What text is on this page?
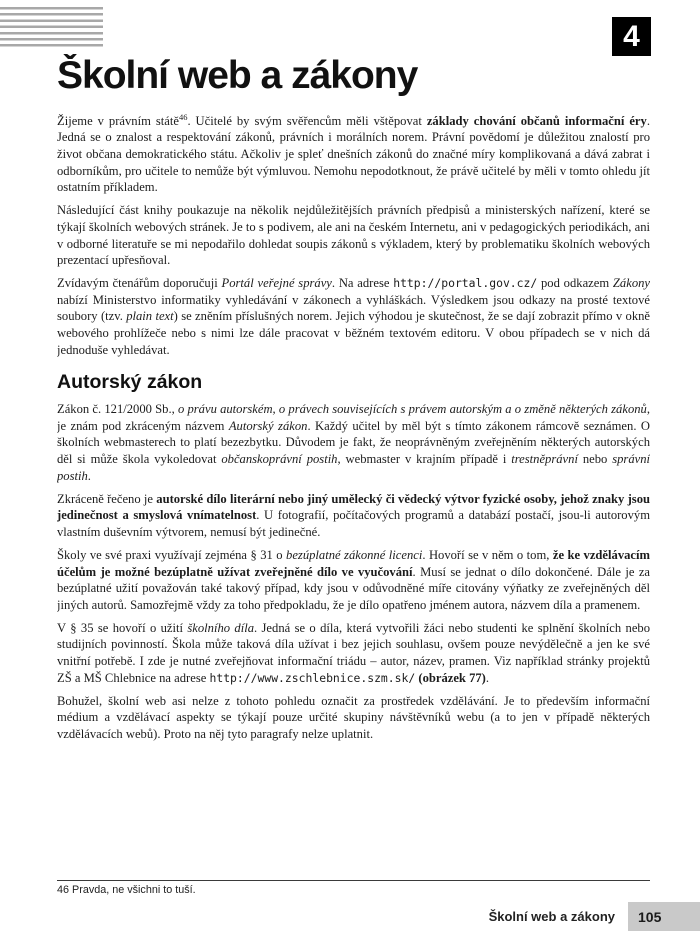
4
Školní web a zákony

Žijeme v právním státě$^{46}$. Učitelé by svým svěřencům měli vštěpovat základy chování občanů informační éry. Jedná se o znalost a respektování zákonů, právních i morálních norem. Právní povědomí je důležitou znalostí pro život občana demokratického státu. Ačkoliv je spleť dnešních zákonů do značné míry komplikovaná a dává zabrat i odborníkům, pro učitele to nemůže být výmluvou. Nemohu nepodotknout, že právě učitelé by měli v tomto ohledu jít ostatním příkladem.

Následující část knihy poukazuje na několik nejdůležitějších právních předpisů a ministerských nařízení, které se týkají školních webových stránek. Je to s podivem, ale ani na českém Internetu, ani v pedagogických periodikách, ani v odborné literatuře se mi nepodařilo dohledat soupis zákonů s výkladem, který by problematiku školních webových prezentací upřesňoval.

Zvídavým čtenářům doporučuji Portál veřejné správy. Na adrese http://portal.gov.cz/ pod odkazem Zákony nabízí Ministerstvo informatiky vyhledávání v zákonech a vyhláškách. Výsledkem jsou odkazy na prosté textové soubory (tzv. plain text) se zněním příslušných norem. Jejich výhodou je skutečnost, že se dají zobrazit přímo v okně webového prohlížeče nebo s nimi lze dále pracovat v běžném textovém editoru. V obou případech se v nich dá jednoduše vyhledávat.

Autorský zákon

Zákon č. 121/2000 Sb., o právu autorském, o právech souvisejících s právem autorským a o změně některých zákonů, je znám pod zkráceným názvem Autorský zákon. Každý učitel by měl být s tímto zákonem rámcově seznámen. O školních webmasterech to platí bezezbytku. Důvodem je fakt, že neoprávněným zveřejněním některých autorských děl si může škola vykoledovat občanskoprávní postih, webmaster v krajním případě i trestněprávní nebo správní postih.

Zkráceně řečeno je autorské dílo literární nebo jiný umělecký či vědecký výtvor fyzické osoby, jehož znaky jsou jedinečnost a smyslová vnímatelnost. U fotografií, počítačových programů a databází postačí, jsou-li autorovým vlastním duševním výtvorem, nemusí být jedinečné.

Školy ve své praxi využívají zejména § 31 o bezúplatné zákonné licenci. Hovoří se v něm o tom, že ke vzdělávacím účelům je možné bezúplatně užívat zveřejněné dílo ve vyučování. Musí se jednat o dílo dokončené. Dále je za bezúplatné užití považován také takový případ, kdy jsou v odůvodněné míře citovány výňatky ze zveřejněných děl jiných autorů. Samozřejmě vždy za toho předpokladu, že je dílo opatřeno jménem autora, názvem díla a pramenem.

V § 35 se hovoří o užití školního díla. Jedná se o díla, která vytvořili žáci nebo studenti ke splnění školních nebo studijních povinností. Škola může taková díla užívat i bez jejich souhlasu, ovšem pouze nevýdělečně a jen ke své vnitřní potřebě. I zde je nutné zveřejňovat informační triádu – autor, název, pramen. Viz například stránky projektů ZŠ a MŠ Chlebnice na adrese http://www.zschlebnice.szm.sk/ (obrázek 77).

Bohužel, školní web asi nelze z tohoto pohledu označit za prostředek vzdělávání. Je to především informační médium a vzdělávací aspekty se týkají pouze určité skupiny návštěvníků webu (a to jen v případě některých vzdělávacích webů). Proto na něj tyto paragrafy nelze uplatnit.

46 Pravda, ne všichni to tuší.
Školní web a zákony 105
